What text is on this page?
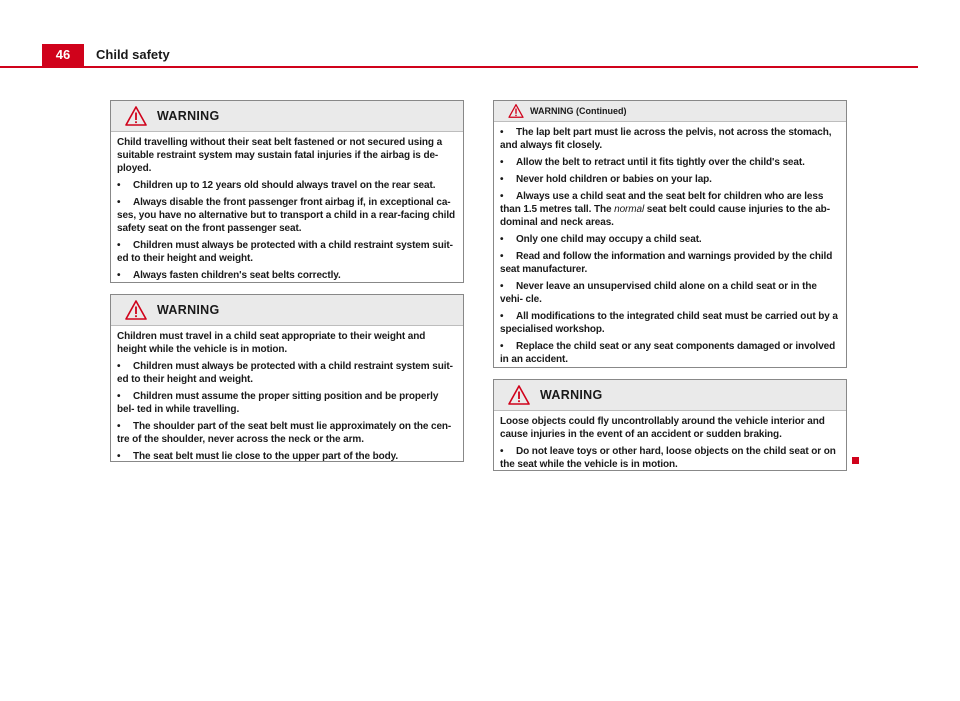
46	Child safety
WARNING

Child travelling without their seat belt fastened or not secured using a suitable restraint system may sustain fatal injuries if the airbag is de- ployed.

• Children up to 12 years old should always travel on the rear seat.

• Always disable the front passenger front airbag if, in exceptional ca- ses, you have no alternative but to transport a child in a rear-facing child safety seat on the front passenger seat.

• Children must always be protected with a child restraint system suit- ed to their height and weight.

• Always fasten children's seat belts correctly.

WARNING

Children must travel in a child seat appropriate to their weight and height while the vehicle is in motion.

• Children must always be protected with a child restraint system suit- ed to their height and weight.

• Children must assume the proper sitting position and be properly bel- ted in while travelling.

• The shoulder part of the seat belt must lie approximately on the cen- tre of the shoulder, never across the neck or the arm.

• The seat belt must lie close to the upper part of the body.

WARNING (Continued)

• The lap belt part must lie across the pelvis, not across the stomach, and always fit closely.

• Allow the belt to retract until it fits tightly over the child's seat.

• Never hold children or babies on your lap.

• Always use a child seat and the seat belt for children who are less than 1.5 metres tall. The normal seat belt could cause injuries to the ab- dominal and neck areas.

• Only one child may occupy a child seat.

• Read and follow the information and warnings provided by the child seat manufacturer.

• Never leave an unsupervised child alone on a child seat or in the vehi- cle.

• All modifications to the integrated child seat must be carried out by a specialised workshop.

• Replace the child seat or any seat components damaged or involved in an accident.

WARNING

Loose objects could fly uncontrollably around the vehicle interior and cause injuries in the event of an accident or sudden braking.

• Do not leave toys or other hard, loose objects on the child seat or on the seat while the vehicle is in motion.
